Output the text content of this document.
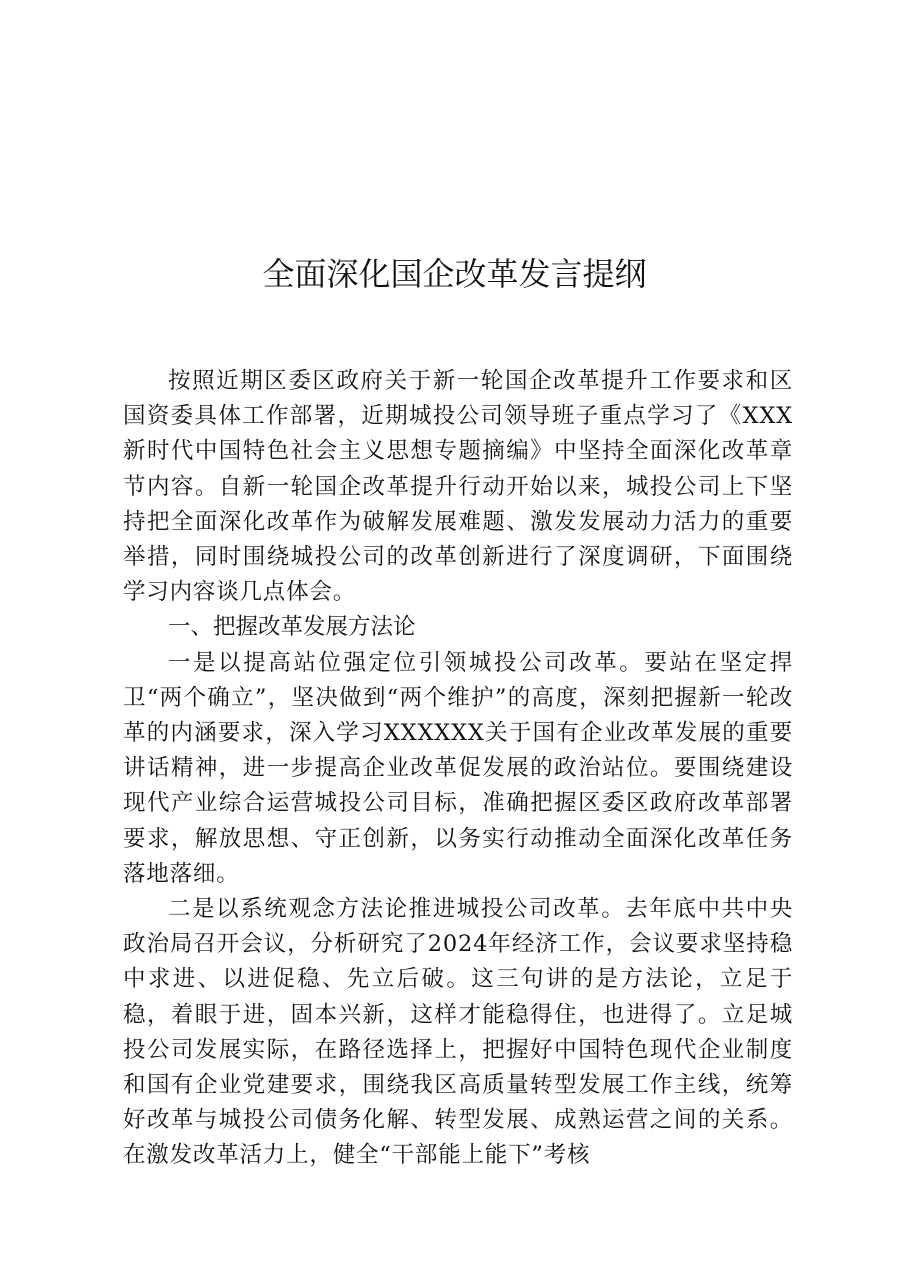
全面深化国企改革发言提纲

按照近期区委区政府关于新一轮国企改革提升工作要求和区国资委具体工作部署，近期城投公司领导班子重点学习了《XXX新时代中国特色社会主义思想专题摘编》中坚持全面深化改革章节内容。自新一轮国企改革提升行动开始以来，城投公司上下坚持把全面深化改革作为破解发展难题、激发发展动力活力的重要举措，同时围绕城投公司的改革创新进行了深度调研，下面围绕学习内容谈几点体会。

一、把握改革发展方法论

一是以提高站位强定位引领城投公司改革。要站在坚定捍卫“两个确立”，坚决做到“两个维护”的高度，深刻把握新一轮改革的内涵要求，深入学习XXXXXX关于国有企业改革发展的重要讲话精神，进一步提高企业改革促发展的政治站位。要围绕建设现代产业综合运营城投公司目标，准确把握区委区政府改革部署要求，解放思想、守正创新，以务实行动推动全面深化改革任务落地落细。

二是以系统观念方法论推进城投公司改革。去年底中共中央政治局召开会议，分析研究了2024年经济工作，会议要求坚持稳中求进、以进促稳、先立后破。这三句讲的是方法论，立足于稳，着眼于进，固本兴新，这样才能稳得住，也进得了。立足城投公司发展实际，在路径选择上，把握好中国特色现代企业制度和国有企业党建要求，围绕我区高质量转型发展工作主线，统筹好改革与城投公司债务化解、转型发展、成熟运营之间的关系。在激发改革活力上，健全“干部能上能下”考核
